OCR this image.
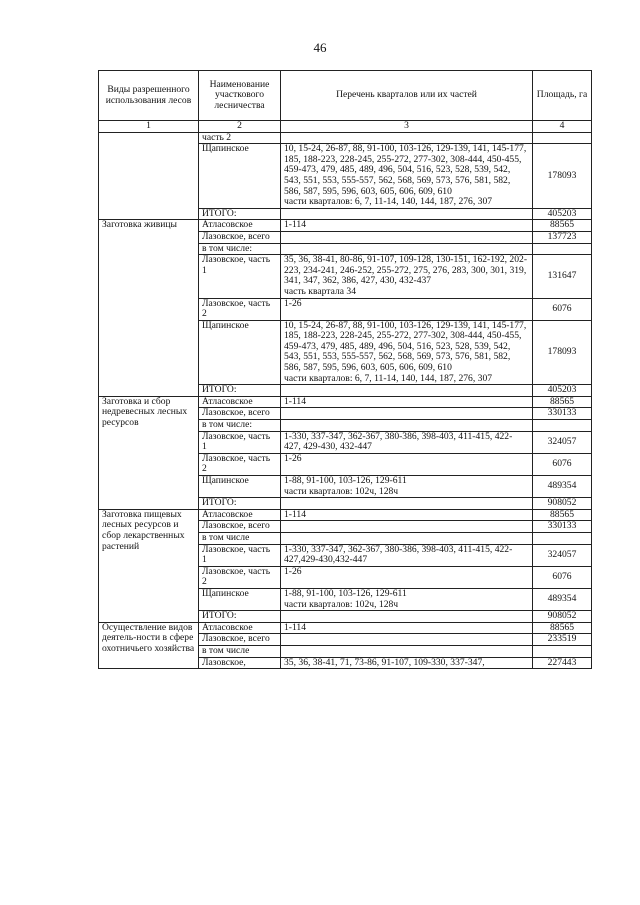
46
Виды разрешенного использования лесов	Наименование участкового лесничества	Перечень кварталов или их частей	Площадь, га
1	2	3	4
	часть 2		
	Щапинское	10, 15-24, 26-87, 88, 91-100, 103-126, 129-139, 141, 145-177, 185, 188-223, 228-245, 255-272, 277-302, 308-444, 450-455, 459-473, 479, 485, 489, 496, 504, 516, 523, 528, 539, 542, 543, 551, 553, 555-557, 562, 568, 569, 573, 576, 581, 582, 586, 587, 595, 596, 603, 605, 606, 609, 610
части кварталов: 6, 7, 11-14, 140, 144, 187, 276, 307	178093
	ИТОГО:		405203
Заготовка живицы	Атласовское	1-114	88565
	Лазовское, всего		137723
	в том числе:		
	Лазовское, часть 1	35, 36, 38-41, 80-86, 91-107, 109-128, 130-151, 162-192, 202-223, 234-241, 246-252, 255-272, 275, 276, 283, 300, 301, 319, 341, 347, 362, 386, 427, 430, 432-437
часть квартала 34	131647
	Лазовское, часть 2	1-26	6076
	Щапинское	10, 15-24, 26-87, 88, 91-100, 103-126, 129-139, 141, 145-177, 185, 188-223, 228-245, 255-272, 277-302, 308-444, 450-455, 459-473, 479, 485, 489, 496, 504, 516, 523, 528, 539, 542, 543, 551, 553, 555-557, 562, 568, 569, 573, 576, 581, 582, 586, 587, 595, 596, 603, 605, 606, 609, 610
части кварталов: 6, 7, 11-14, 140, 144, 187, 276, 307	178093
	ИТОГО:		405203
Заготовка и сбор недревесных лесных ресурсов	Атласовское	1-114	88565
	Лазовское, всего		330133
	в том числе:		
	Лазовское, часть 1	1-330, 337-347, 362-367, 380-386, 398-403, 411-415, 422-427, 429-430, 432-447	324057
	Лазовское, часть 2	1-26	6076
	Щапинское	1-88, 91-100, 103-126, 129-611
части кварталов: 102ч, 128ч	489354
	ИТОГО:		908052
Заготовка пищевых лесных ресурсов и сбор лекарственных растений	Атласовское	1-114	88565
	Лазовское, всего		330133
	в том числе		
	Лазовское, часть 1	1-330, 337-347, 362-367, 380-386, 398-403, 411-415, 422-427,429-430,432-447	324057
	Лазовское, часть 2	1-26	6076
	Щапинское	1-88, 91-100, 103-126, 129-611
части кварталов: 102ч, 128ч	489354
	ИТОГО:		908052
Осуществление видов деятель-ности в сфере охотничьего хозяйства	Атласовское	1-114	88565
	Лазовское, всего		233519
	в том числе		
	Лазовское,	35, 36, 38-41, 71, 73-86, 91-107, 109-330, 337-347,	227443
